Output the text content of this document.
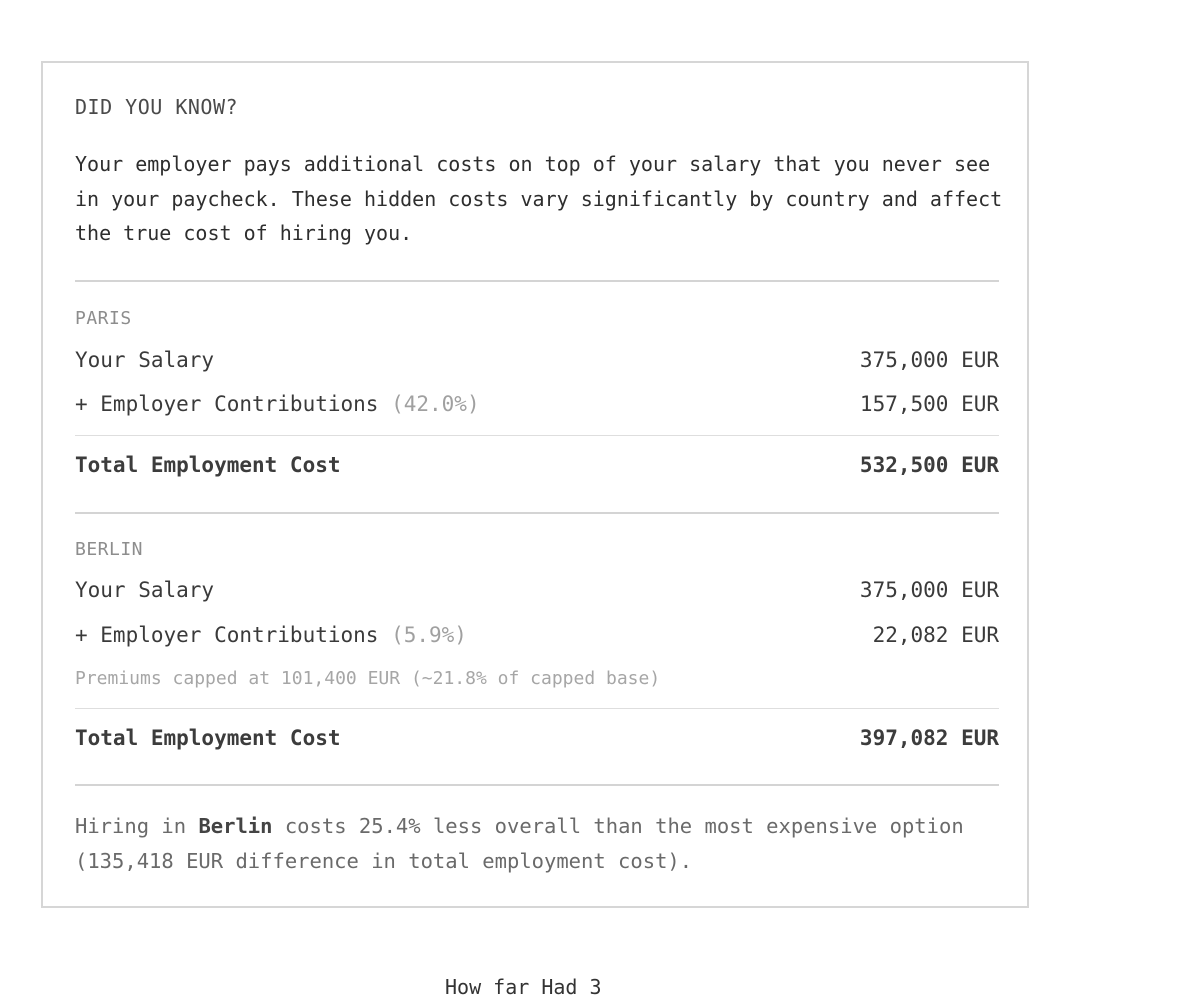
DID YOU KNOW?
Your employer pays additional costs on top of your salary that you never see in your paycheck. These hidden costs vary significantly by country and affect the true cost of hiring you.
PARIS
Your Salary	375,000 EUR
+ Employer Contributions (42.0%)	157,500 EUR
Total Employment Cost	532,500 EUR
BERLIN
Your Salary	375,000 EUR
+ Employer Contributions (5.9%)	22,082 EUR
Premiums capped at 101,400 EUR (~21.8% of capped base)
Total Employment Cost	397,082 EUR
Hiring in Berlin costs 25.4% less overall than the most expensive option (135,418 EUR difference in total employment cost).
How far Had 3
